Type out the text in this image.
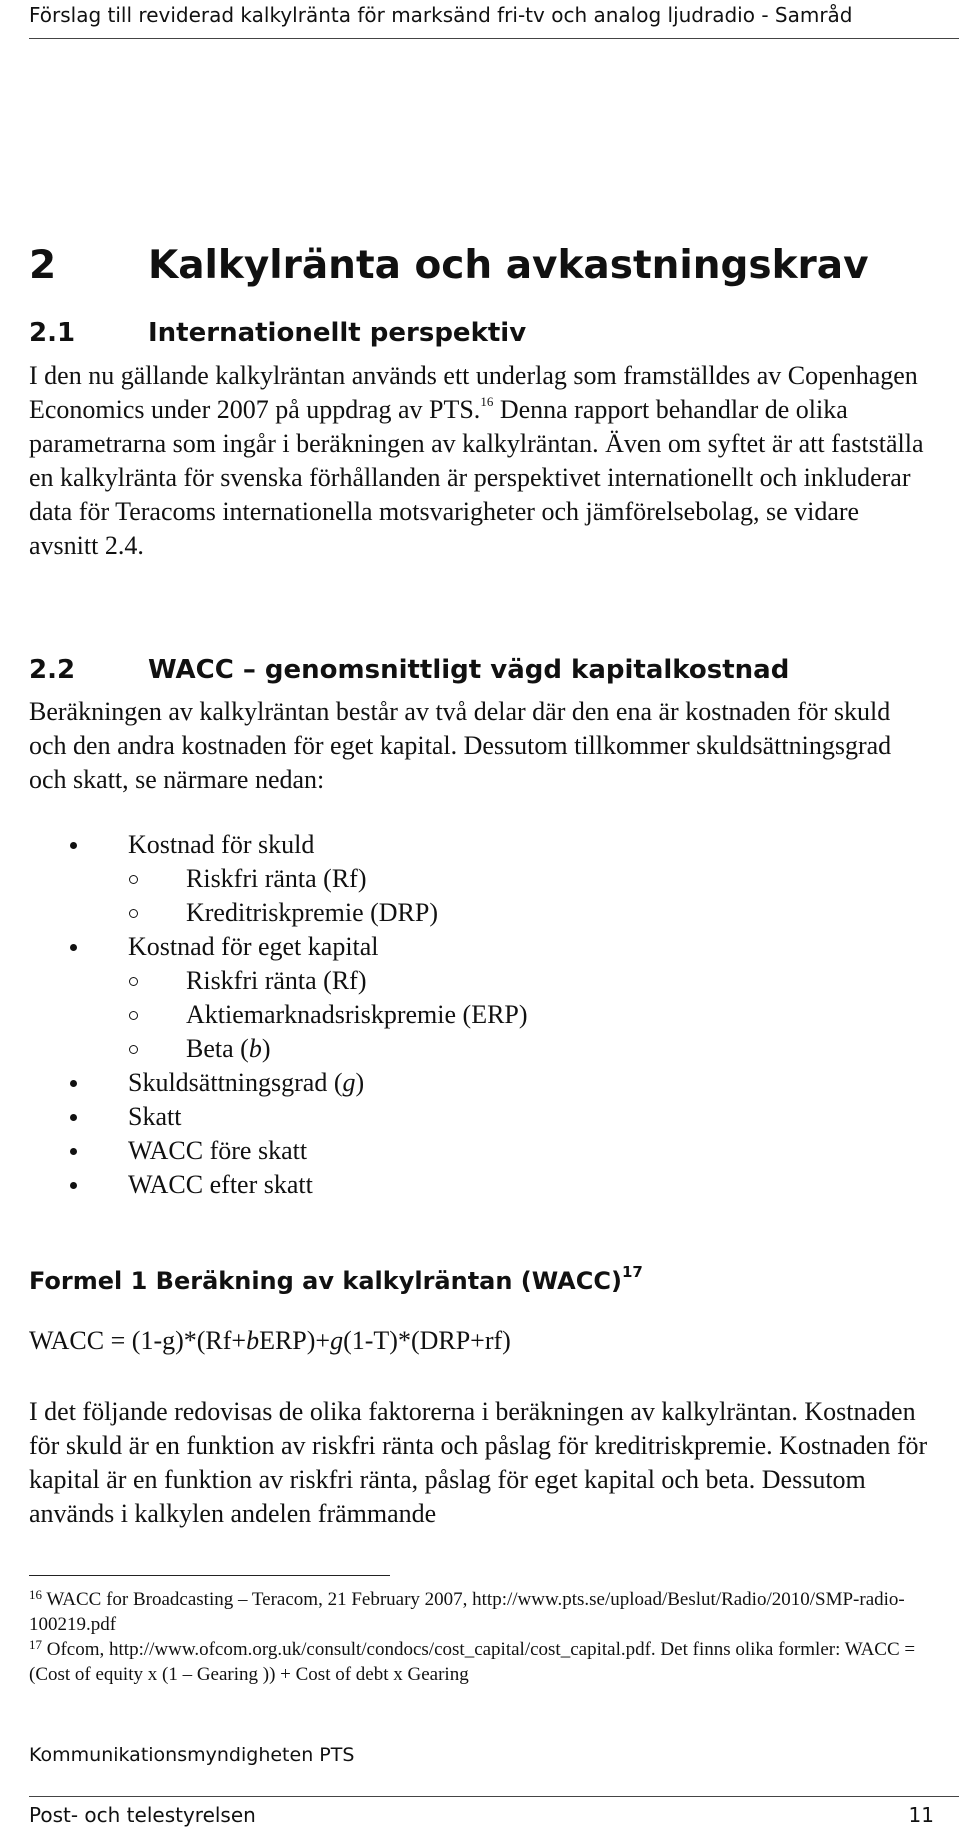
Förslag till reviderad kalkylränta för marksänd fri-tv och analog ljudradio - Samråd
2 Kalkylränta och avkastningskrav
2.1	Internationellt perspektiv

I den nu gällande kalkylräntan används ett underlag som framställdes av Copenhagen Economics under 2007 på uppdrag av PTS.$^{16}$ Denna rapport behandlar de olika parametrarna som ingår i beräkningen av kalkylräntan. Även om syftet är att fastställa en kalkylränta för svenska förhållanden är perspektivet internationellt och inkluderar data för Teracoms internationella motsvarigheter och jämförelsebolag, se vidare avsnitt 2.4.

2.2	WACC – genomsnittligt vägd kapitalkostnad

Beräkningen av kalkylräntan består av två delar där den ena är kostnaden för skuld och den andra kostnaden för eget kapital. Dessutom tillkommer skuldsättningsgrad och skatt, se närmare nedan:

Kostnad för skuld
Riskfri ränta (Rf)
Kreditriskpremie (DRP)
Kostnad för eget kapital
Riskfri ränta (Rf)
Aktiemarknadsriskpremie (ERP)
Beta (b)
Skuldsättningsgrad (g)
Skatt
WACC före skatt
WACC efter skatt
Formel 1 Beräkning av kalkylräntan (WACC)$^{17}$
WACC = (1-g)*(Rf+bERP)+g(1-T)*(DRP+rf)

I det följande redovisas de olika faktorerna i beräkningen av kalkylräntan. Kostnaden för skuld är en funktion av riskfri ränta och påslag för kreditriskpremie. Kostnaden för kapital är en funktion av riskfri ränta, påslag för eget kapital och beta. Dessutom används i kalkylen andelen främmande

$^{16}$ WACC for Broadcasting – Teracom, 21 February 2007, http://www.pts.se/upload/Beslut/Radio/2010/SMP-radio-100219.pdf

$^{17}$ Ofcom, http://www.ofcom.org.uk/consult/condocs/cost_capital/cost_capital.pdf. Det finns olika formler: WACC = (Cost of equity x (1 – Gearing )) + Cost of debt x Gearing

Kommunikationsmyndigheten PTS
Post- och telestyrelsen	11
